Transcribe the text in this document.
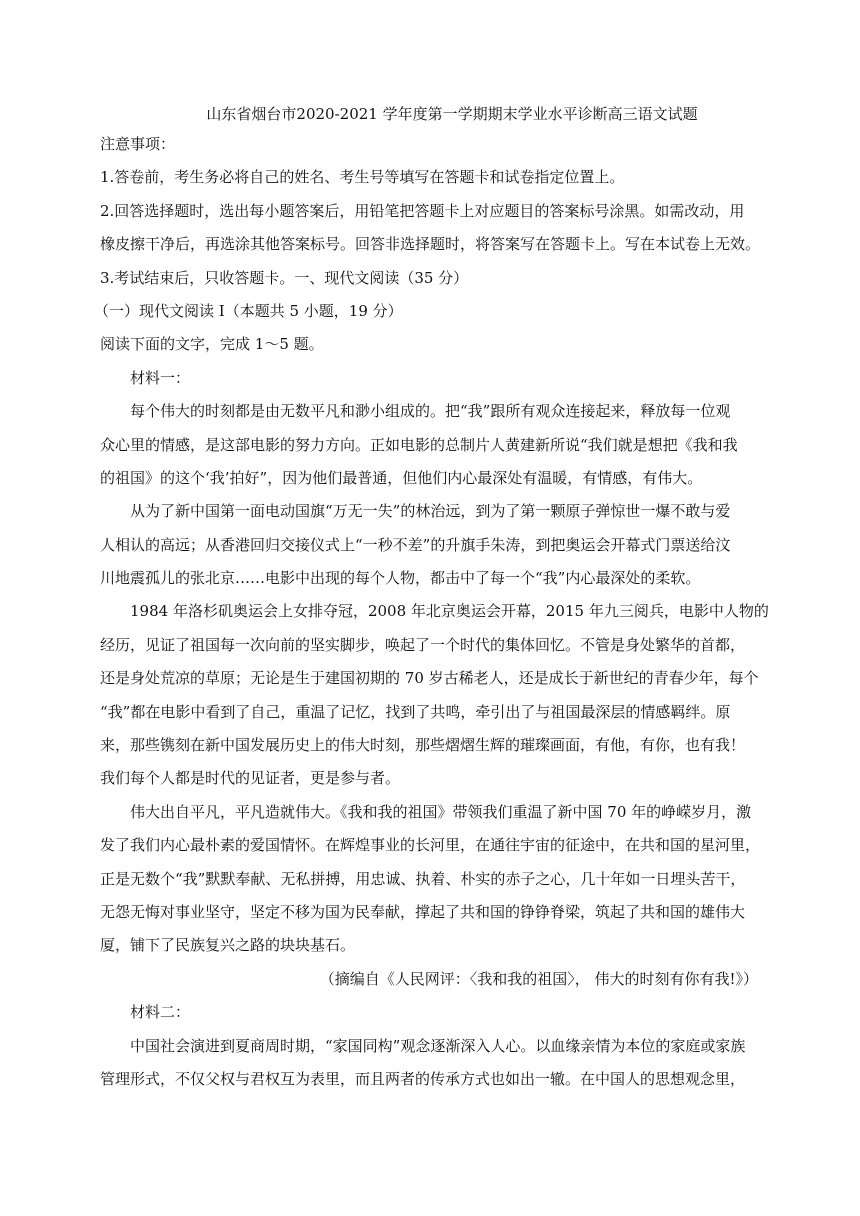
山东省烟台市2020-2021 学年度第一学期期末学业水平诊断高三语文试题
注意事项：
1.答卷前，考生务必将自己的姓名、考生号等填写在答题卡和试卷指定位置上。
2.回答选择题时，选出每小题答案后，用铅笔把答题卡上对应题目的答案标号涂黑。如需改动，用
橡皮擦干净后，再选涂其他答案标号。回答非选择题时，将答案写在答题卡上。写在本试卷上无效。
3.考试结束后，只收答题卡。一、现代文阅读（35 分）
（一）现代文阅读 I（本题共 5 小题，19 分）
阅读下面的文字，完成 1～5 题。
材料一：
每个伟大的时刻都是由无数平凡和渺小组成的。把“我”跟所有观众连接起来，释放每一位观
众心里的情感，是这部电影的努力方向。正如电影的总制片人黄建新所说“我们就是想把《我和我
的祖国》的这个‘我’拍好”，因为他们最普通，但他们内心最深处有温暖，有情感，有伟大。
从为了新中国第一面电动国旗“万无一失”的林治远，到为了第一颗原子弹惊世一爆不敢与爱
人相认的高远；从香港回归交接仪式上“一秒不差”的升旗手朱涛，到把奥运会开幕式门票送给汶
川地震孤儿的张北京……电影中出现的每个人物，都击中了每一个“我”内心最深处的柔软。
1984 年洛杉矶奥运会上女排夺冠，2008 年北京奥运会开幕，2015 年九三阅兵，电影中人物的
经历，见证了祖国每一次向前的坚实脚步，唤起了一个时代的集体回忆。不管是身处繁华的首都，
还是身处荒凉的草原；无论是生于建国初期的 70 岁古稀老人，还是成长于新世纪的青春少年，每个
“我”都在电影中看到了自己，重温了记忆，找到了共鸣，牵引出了与祖国最深层的情感羁绊。原
来，那些镌刻在新中国发展历史上的伟大时刻，那些熠熠生辉的璀璨画面，有他，有你，也有我！
我们每个人都是时代的见证者，更是参与者。
伟大出自平凡，平凡造就伟大。《我和我的祖国》带领我们重温了新中国 70 年的峥嵘岁月，激
发了我们内心最朴素的爱国情怀。在辉煌事业的长河里，在通往宇宙的征途中，在共和国的星河里，
正是无数个“我”默默奉献、无私拼搏，用忠诚、执着、朴实的赤子之心，几十年如一日埋头苦干，
无怨无悔对事业坚守，坚定不移为国为民奉献，撑起了共和国的铮铮脊梁，筑起了共和国的雄伟大
厦，铺下了民族复兴之路的块块基石。
（摘编自《人民网评：〈我和我的祖国〉， 伟大的时刻有你有我!》）
材料二：
中国社会演进到夏商周时期，“家国同构”观念逐渐深入人心。以血缘亲情为本位的家庭或家族
管理形式，不仅父权与君权互为表里，而且两者的传承方式也如出一辙。在中国人的思想观念里，
